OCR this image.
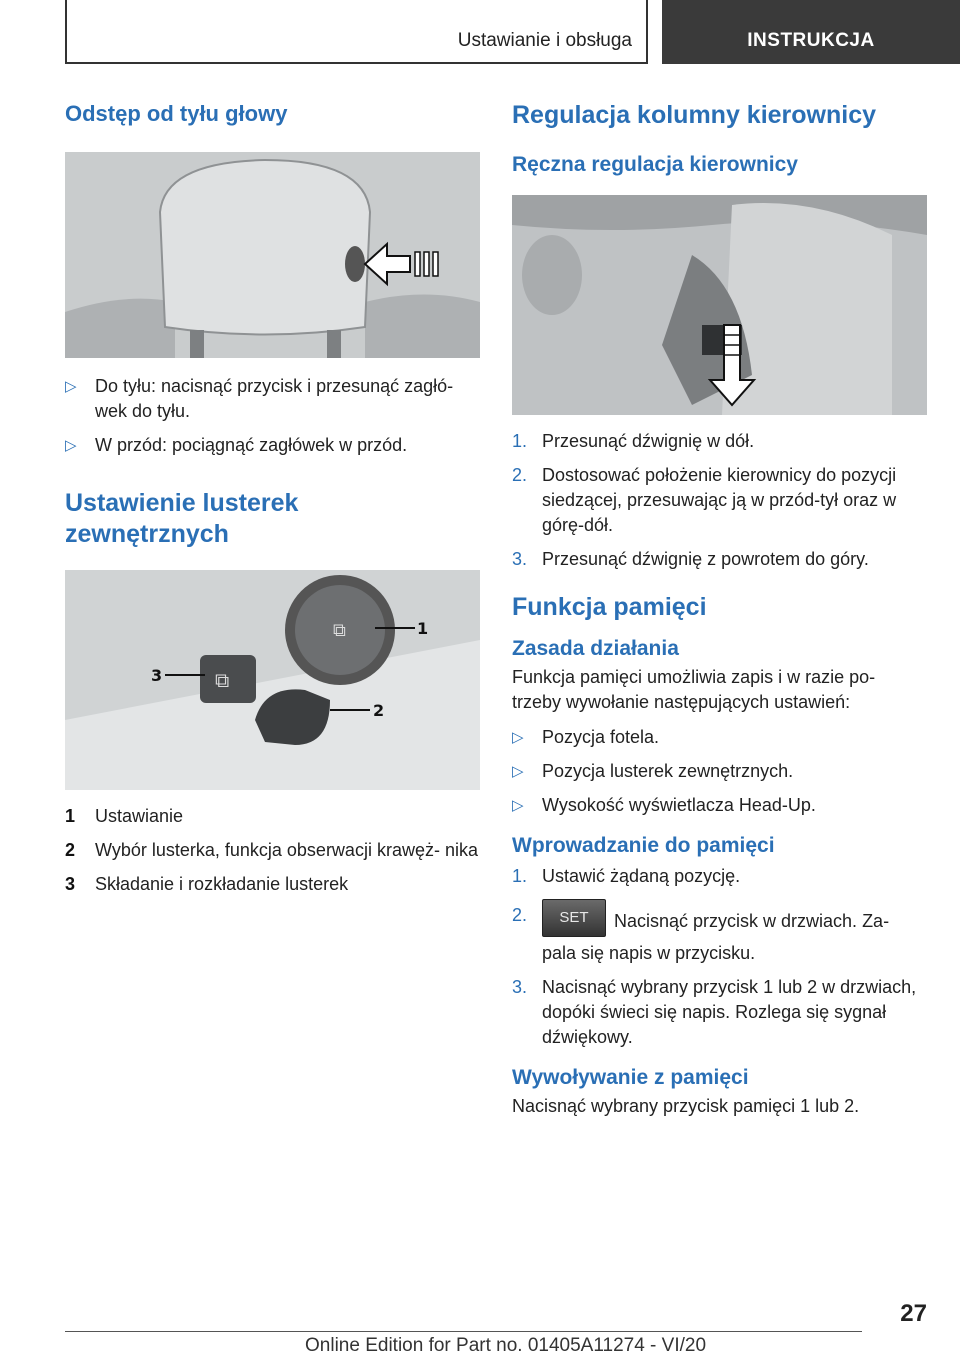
Ustawianie i obsługa	INSTRUKCJA
Odstęp od tyłu głowy
▷ Do tyłu: nacisnąć przycisk i przesunąć zagłó‐ wek do tyłu.
▷ W przód: pociągnąć zagłówek w przód.
Ustawienie lusterek zewnętrznych
⧉
⧉
1
3
2
1 Ustawianie
2 Wybór lusterka, funkcja obserwacji krawęż‐ nika
3 Składanie i rozkładanie lusterek
Regulacja kolumny kierownicy
Ręczna regulacja kierownicy
1. Przesunąć dźwignię w dół.
2. Dostosować położenie kierownicy do pozycji siedzącej, przesuwając ją w przód-tył oraz w górę-dół.
3. Przesunąć dźwignię z powrotem do góry.
Funkcja pamięci
Zasada działania

Funkcja pamięci umożliwia zapis i w razie po‐ trzeby wywołanie następujących ustawień:

▷ Pozycja fotela.
▷ Pozycja lusterek zewnętrznych.
▷ Wysokość wyświetlacza Head-Up.
Wprowadzanie do pamięci
1. Ustawić żądaną pozycję.
2. SET Nacisnąć przycisk w drzwiach. Za‐ pala się napis w przycisku.
3. Nacisnąć wybrany przycisk 1 lub 2 w drzwiach, dopóki świeci się napis. Rozlega się sygnał dźwiękowy.
Wywoływanie z pamięci

Nacisnąć wybrany przycisk pamięci 1 lub 2.

27
Online Edition for Part no. 01405A11274 - VI/20
